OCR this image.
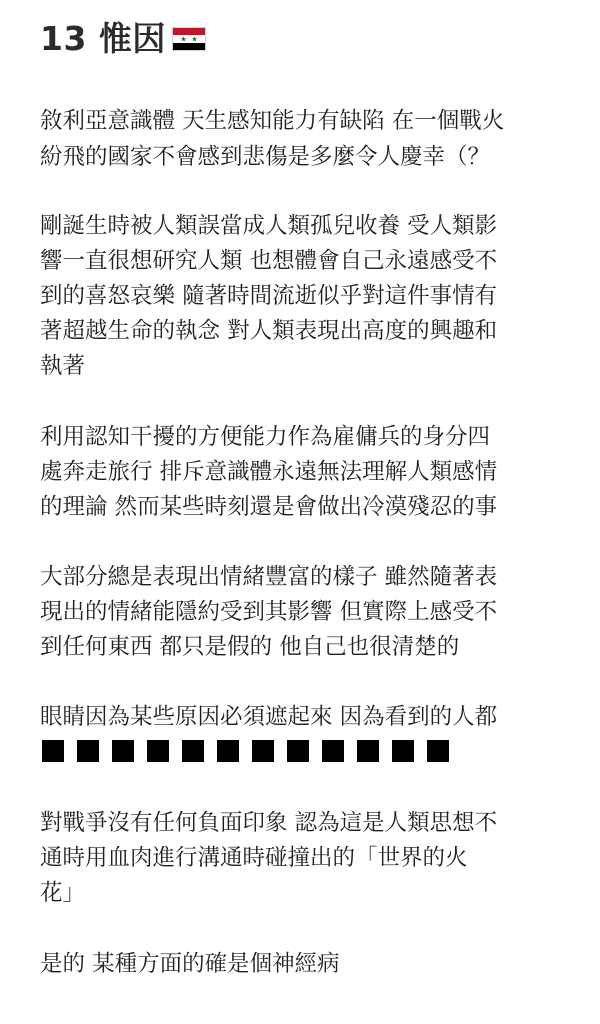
13 惟因
敘利亞意識體 天生感知能力有缺陷 在一個戰火
紛飛的國家不會感到悲傷是多麼令人慶幸（？
剛誕生時被人類誤當成人類孤兒收養 受人類影
響一直很想研究人類 也想體會自己永遠感受不
到的喜怒哀樂 隨著時間流逝似乎對這件事情有
著超越生命的執念 對人類表現出高度的興趣和
執著
利用認知干擾的方便能力作為雇傭兵的身分四
處奔走旅行 排斥意識體永遠無法理解人類感情
的理論 然而某些時刻還是會做出冷漠殘忍的事
大部分總是表現出情緒豐富的樣子 雖然隨著表
現出的情緒能隱約受到其影響 但實際上感受不
到任何東西 都只是假的 他自己也很清楚的
眼睛因為某些原因必須遮起來 因為看到的人都
對戰爭沒有任何負面印象 認為這是人類思想不
通時用血肉進行溝通時碰撞出的「世界的火
花」
是的 某種方面的確是個神經病
